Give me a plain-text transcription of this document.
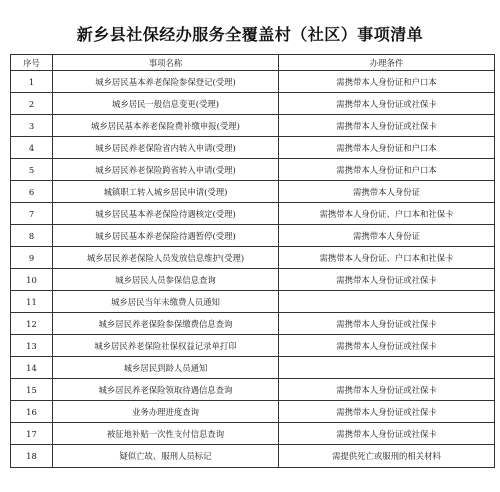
新乡县社保经办服务全覆盖村（社区）事项清单
序号	事项名称	办理条件
1	城乡居民基本养老保险参保登记(受理)	需携带本人身份证和户口本
2	城乡居民一般信息变更(受理)	需携带本人身份证或社保卡
3	城乡居民基本养老保险费补缴申报(受理)	需携带本人身份证或社保卡
4	城乡居民养老保险省内转入申请(受理)	需携带本人身份证和户口本
5	城乡居民养老保险跨省转入申请(受理)	需携带本人身份证和户口本
6	城镇职工转入城乡居民申请(受理)	需携带本人身份证
7	城乡居民基本养老保险待遇核定(受理)	需携带本人身份证、户口本和社保卡
8	城乡居民基本养老保险待遇暂停(受理)	需携带本人身份证
9	城乡居民养老保险人员发放信息维护(受理)	需携带本人身份证、户口本和社保卡
10	城乡居民人员参保信息查询	需携带本人身份证或社保卡
11	城乡居民当年未缴费人员通知	
12	城乡居民养老保险参保缴费信息查询	需携带本人身份证或社保卡
13	城乡居民养老保险社保权益记录单打印	需携带本人身份证或社保卡
14	城乡居民到龄人员通知	
15	城乡居民养老保险领取待遇信息查询	需携带本人身份证或社保卡
16	业务办理进度查询	需携带本人身份证或社保卡
17	被征地补贴一次性支付信息查询	需携带本人身份证或社保卡
18	疑似亡故、服刑人员标记	需提供死亡或服刑的相关材料
